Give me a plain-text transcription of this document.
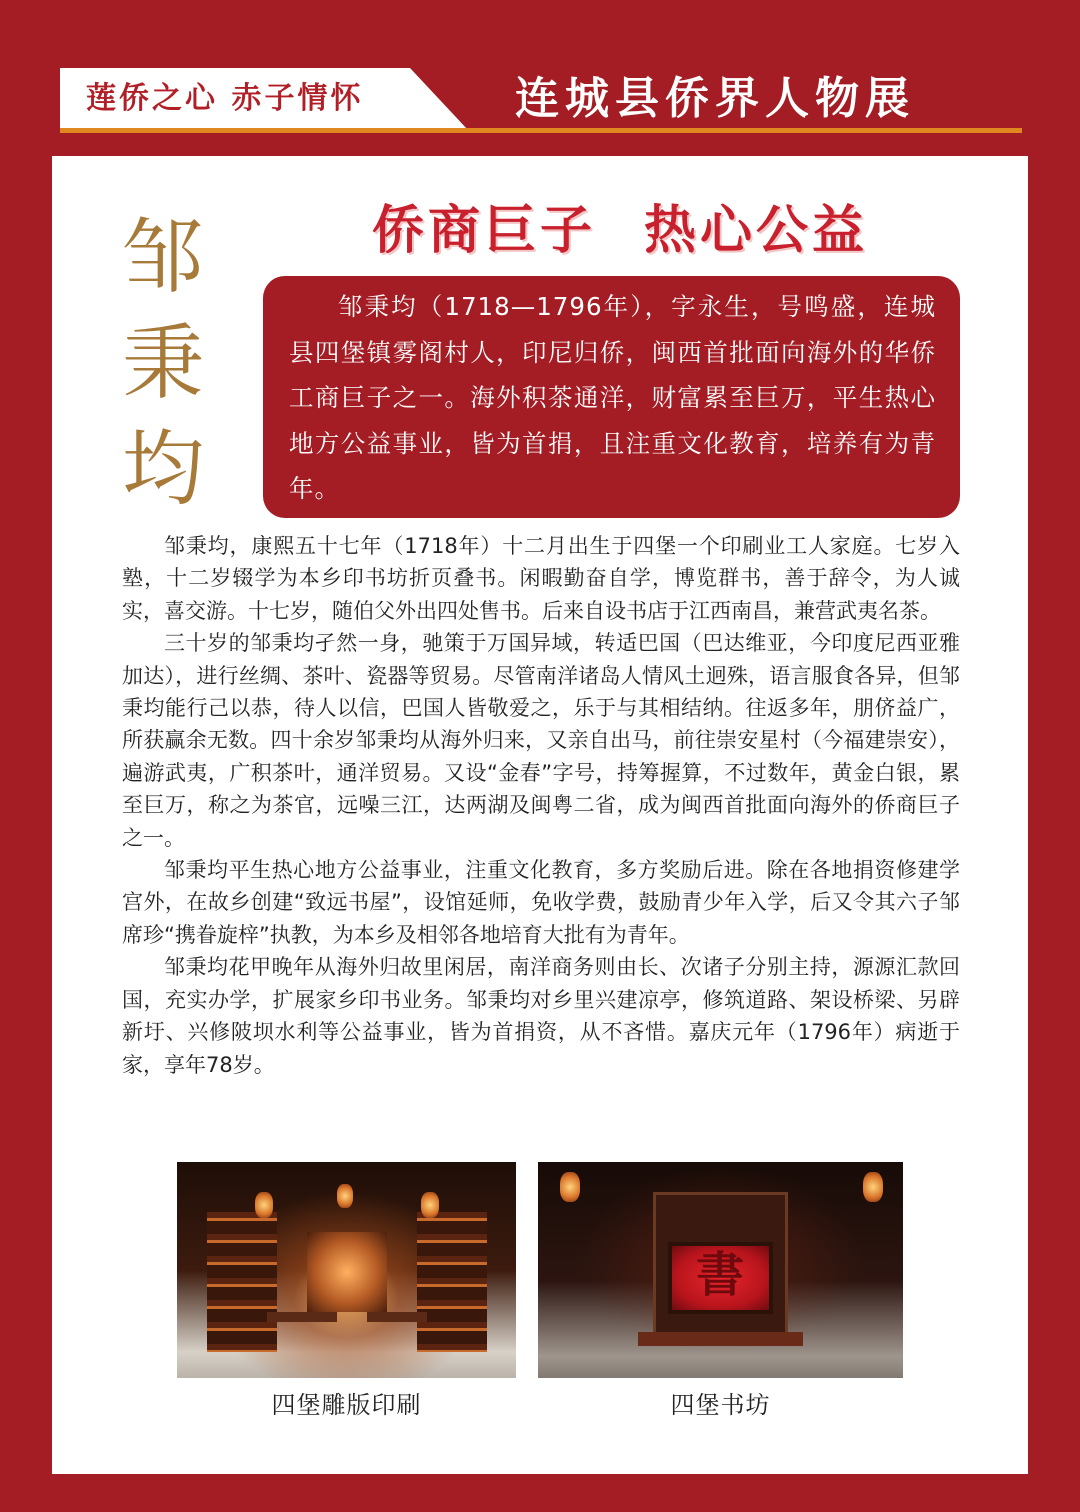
莲侨之心 赤子情怀	连城县侨界人物展
邹
秉
均
侨商巨子 热心公益

邹秉均（1718—1796年），字永生，号鸣盛，连城县四堡镇雾阁村人，印尼归侨，闽西首批面向海外的华侨工商巨子之一。海外积茶通洋，财富累至巨万，平生热心地方公益事业，皆为首捐，且注重文化教育，培养有为青年。

邹秉均，康熙五十七年（1718年）十二月出生于四堡一个印刷业工人家庭。七岁入塾，十二岁辍学为本乡印书坊折页叠书。闲暇勤奋自学，博览群书，善于辞令，为人诚实，喜交游。十七岁，随伯父外出四处售书。后来自设书店于江西南昌，兼营武夷名茶。

三十岁的邹秉均孑然一身，驰策于万国异域，转适巴国（巴达维亚，今印度尼西亚雅加达），进行丝绸、茶叶、瓷器等贸易。尽管南洋诸岛人情风土迥殊，语言服食各异，但邹秉均能行己以恭，待人以信，巴国人皆敬爱之，乐于与其相结纳。往返多年，朋侪益广，所获赢余无数。四十余岁邹秉均从海外归来，又亲自出马，前往崇安星村（今福建崇安），遍游武夷，广积茶叶，通洋贸易。又设“金春”字号，持筹握算，不过数年，黄金白银，累至巨万，称之为茶官，远噪三江，达两湖及闽粤二省，成为闽西首批面向海外的侨商巨子之一。

邹秉均平生热心地方公益事业，注重文化教育，多方奖励后进。除在各地捐资修建学宫外，在故乡创建“致远书屋”，设馆延师，免收学费，鼓励青少年入学，后又令其六子邹席珍“携眷旋梓”执教，为本乡及相邻各地培育大批有为青年。

邹秉均花甲晚年从海外归故里闲居，南洋商务则由长、次诸子分别主持，源源汇款回国，充实办学，扩展家乡印书业务。邹秉均对乡里兴建凉亭，修筑道路、架设桥梁、另辟新圩、兴修陂坝水利等公益事业，皆为首捐资，从不吝惜。嘉庆元年（1796年）病逝于家，享年78岁。

四堡雕版印刷
書
四堡书坊
